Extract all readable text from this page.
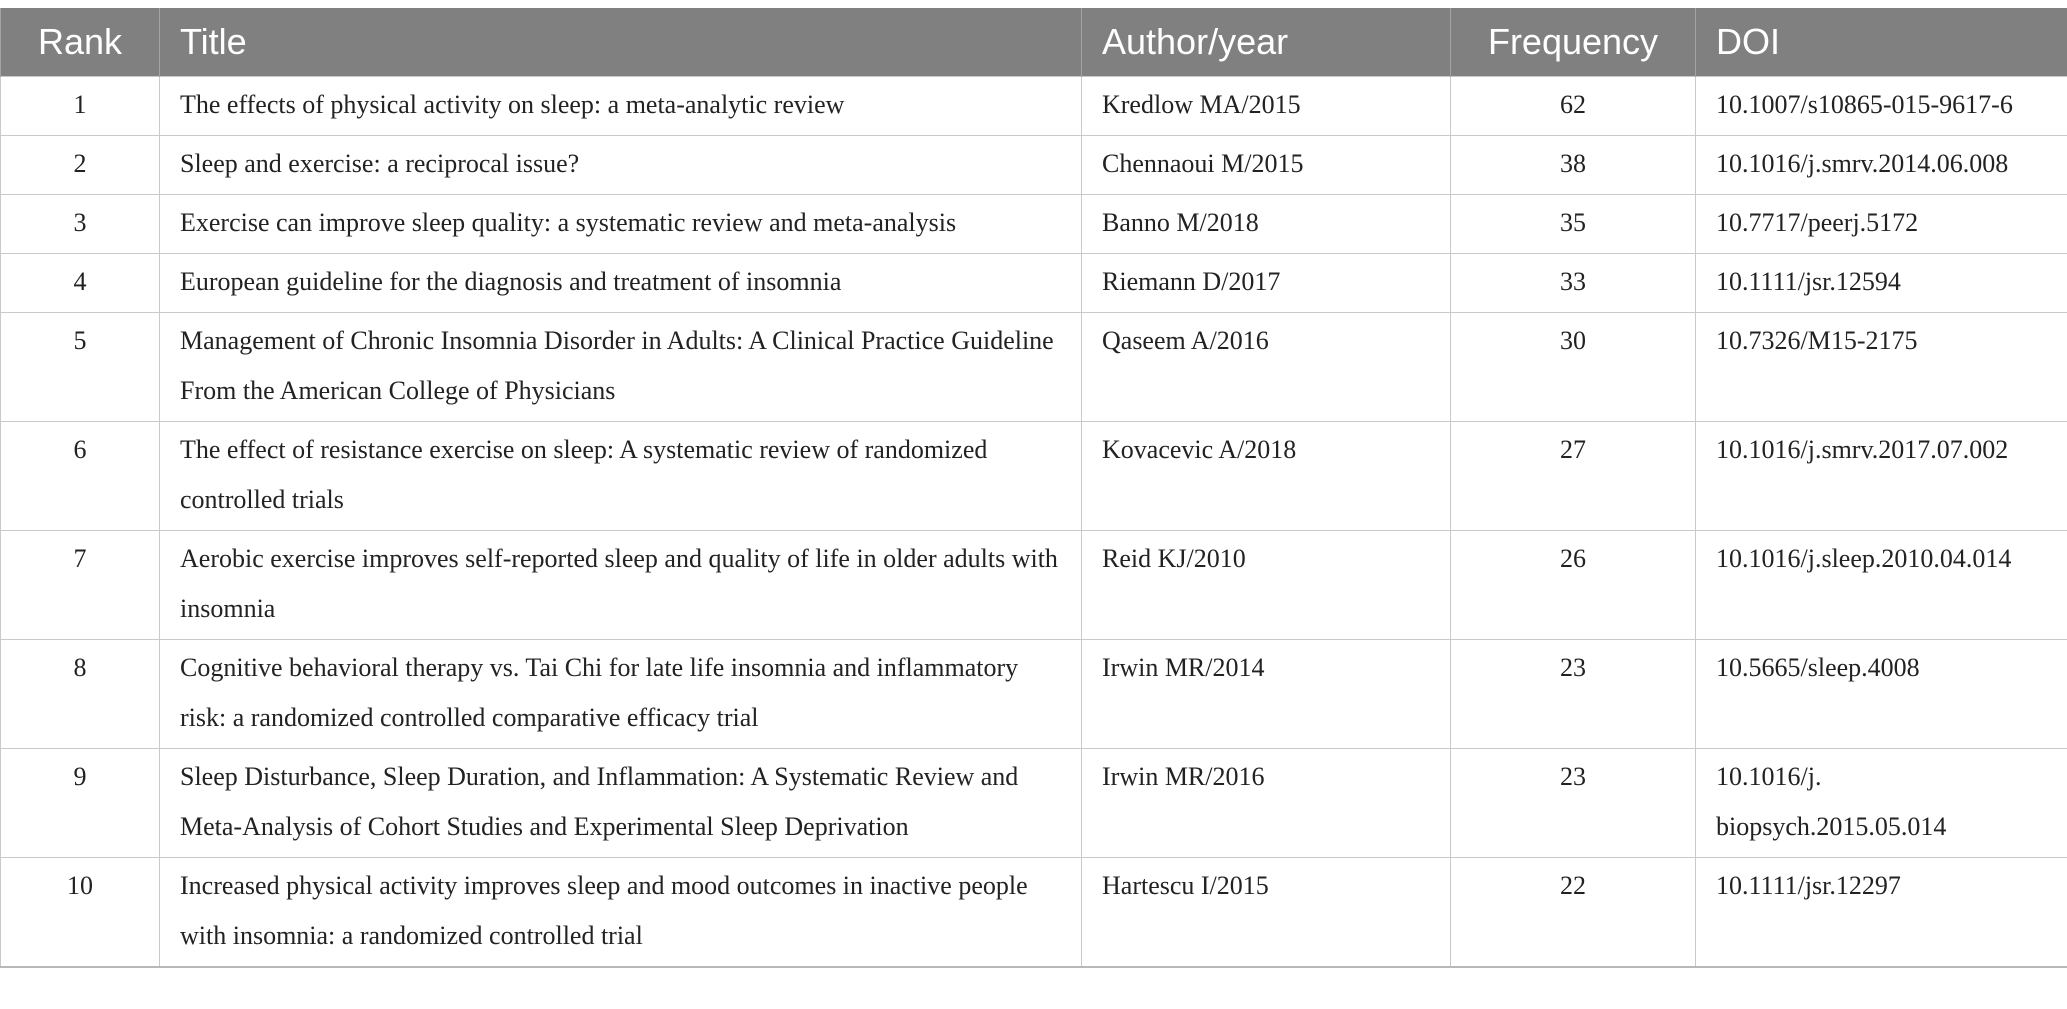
Rank	Title	Author/year	Frequency	DOI
1	The effects of physical activity on sleep: a meta-analytic review	Kredlow MA/2015	62	10.1007/s10865-015-9617-6
2	Sleep and exercise: a reciprocal issue?	Chennaoui M/2015	38	10.1016/j.smrv.2014.06.008
3	Exercise can improve sleep quality: a systematic review and meta-analysis	Banno M/2018	35	10.7717/peerj.5172
4	European guideline for the diagnosis and treatment of insomnia	Riemann D/2017	33	10.1111/jsr.12594
5	Management of Chronic Insomnia Disorder in Adults: A Clinical Practice Guideline From the American College of Physicians	Qaseem A/2016	30	10.7326/M15-2175
6	The effect of resistance exercise on sleep: A systematic review of randomized controlled trials	Kovacevic A/2018	27	10.1016/j.smrv.2017.07.002
7	Aerobic exercise improves self-reported sleep and quality of life in older adults with insomnia	Reid KJ/2010	26	10.1016/j.sleep.2010.04.014
8	Cognitive behavioral therapy vs. Tai Chi for late life insomnia and inflammatory risk: a randomized controlled comparative efficacy trial	Irwin MR/2014	23	10.5665/sleep.4008
9	Sleep Disturbance, Sleep Duration, and Inflammation: A Systematic Review and Meta-Analysis of Cohort Studies and Experimental Sleep Deprivation	Irwin MR/2016	23	10.1016/j. biopsych.2015.05.014
10	Increased physical activity improves sleep and mood outcomes in inactive people with insomnia: a randomized controlled trial	Hartescu I/2015	22	10.1111/jsr.12297
